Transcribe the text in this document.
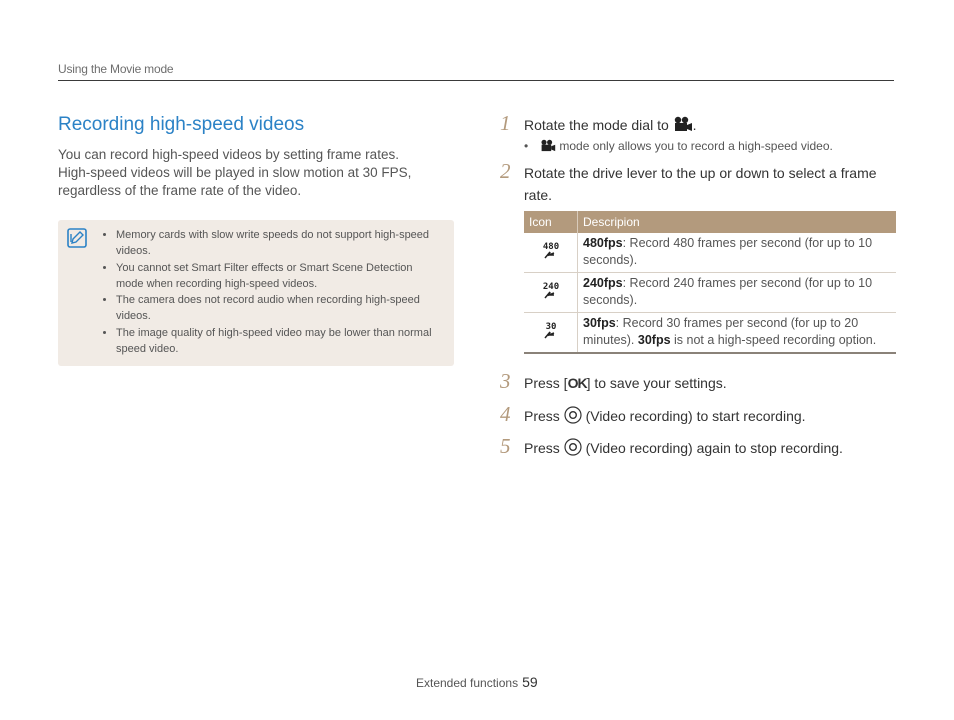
Using the Movie mode
Recording high-speed videos

You can record high-speed videos by setting frame rates.
High-speed videos will be played in slow motion at 30 FPS,
regardless of the frame rate of the video.

• Memory cards with slow write speeds do not support high-speed videos.
• You cannot set Smart Filter effects or Smart Scene Detection mode when recording high-speed videos.
• The camera does not record audio when recording high-speed videos.
• The image quality of high-speed video may be lower than normal speed video.
1 Rotate the mode dial to .
• mode only allows you to record a high-speed video.
2 Rotate the drive lever to the up or down to select a frame rate.
Icon	Descripion

480	480fps: Record 480 frames per second (for up to 10 seconds).

240	240fps: Record 240 frames per second (for up to 10 seconds).

30	30fps: Record 30 frames per second (for up to 20 minutes). 30fps is not a high-speed recording option.
3 Press [OK] to save your settings.
4 Press (Video recording) to start recording.
5 Press (Video recording) again to stop recording.
Extended functions 59
